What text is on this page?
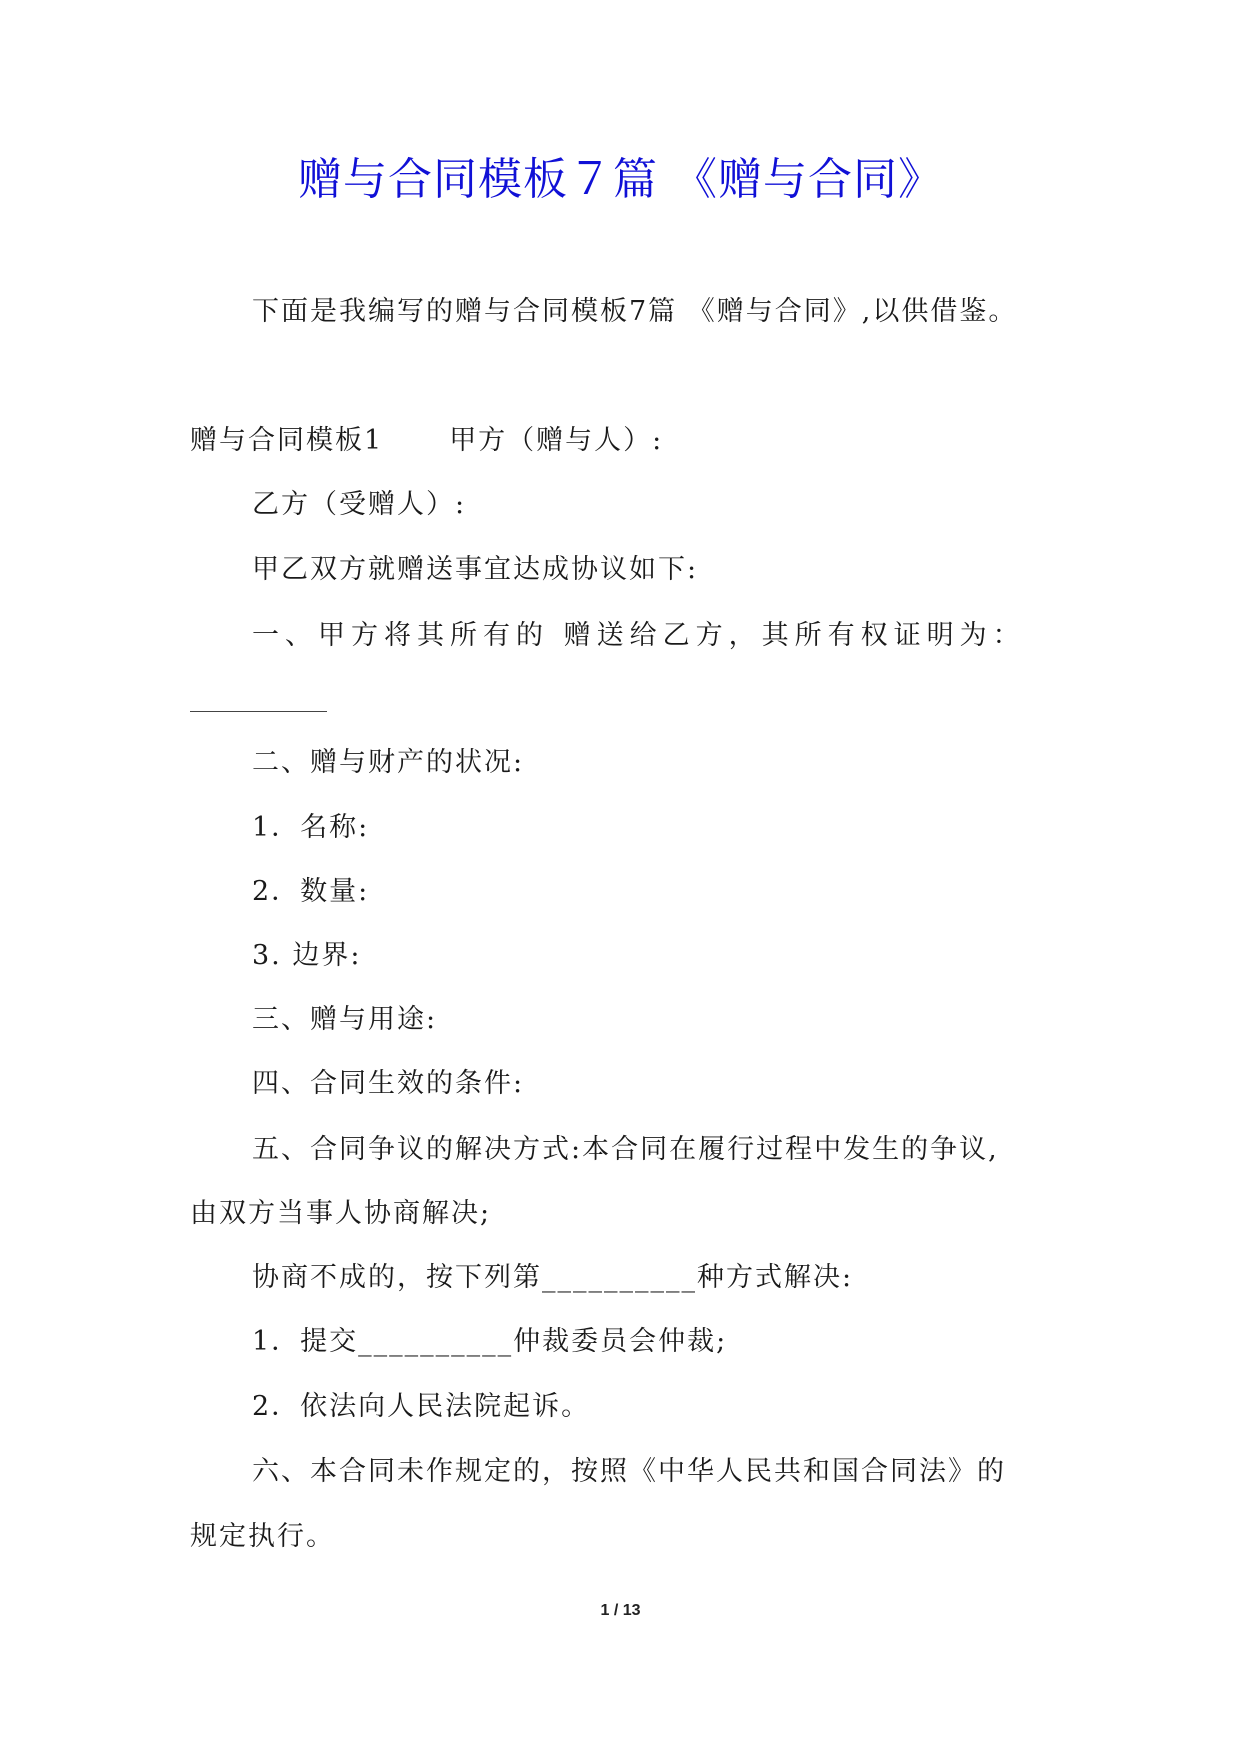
赠与合同模板７篇 《赠与合同》
下面是我编写的赠与合同模板7篇 《赠与合同》,以供借鉴。
赠与合同模板1 甲方（赠与人）:
乙方（受赠人）:
甲乙双方就赠送事宜达成协议如下:
一、甲方将其所有的 赠送给乙方，其所有权证明为：
二、赠与财产的状况:
1．名称:
2．数量:
3. 边界:
三、赠与用途:
四、合同生效的条件:
五、合同争议的解决方式:本合同在履行过程中发生的争议,
由双方当事人协商解决;
协商不成的，按下列第__________种方式解决:
1．提交__________仲裁委员会仲裁;
2．依法向人民法院起诉。
六、本合同未作规定的，按照《中华人民共和国合同法》的
规定执行。
1 / 13
